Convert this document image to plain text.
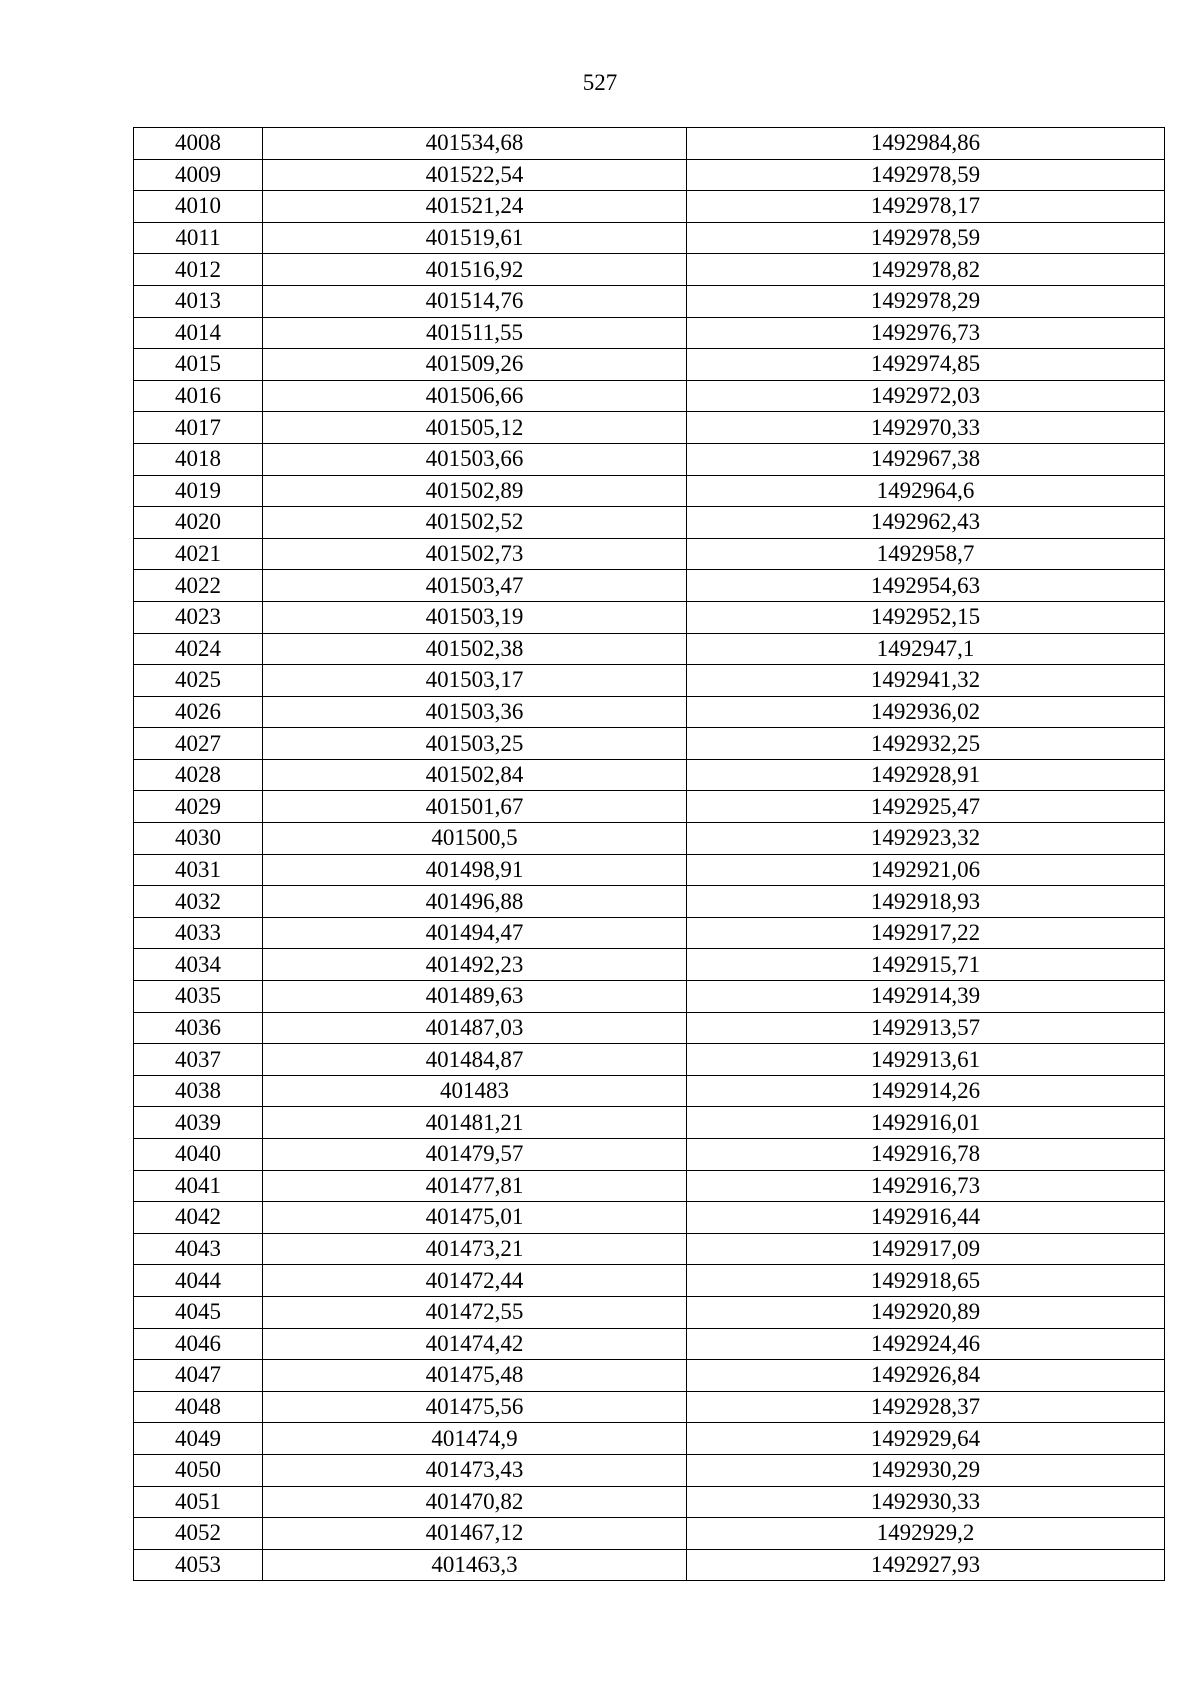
527
4008	401534,68	1492984,86
4009	401522,54	1492978,59
4010	401521,24	1492978,17
4011	401519,61	1492978,59
4012	401516,92	1492978,82
4013	401514,76	1492978,29
4014	401511,55	1492976,73
4015	401509,26	1492974,85
4016	401506,66	1492972,03
4017	401505,12	1492970,33
4018	401503,66	1492967,38
4019	401502,89	1492964,6
4020	401502,52	1492962,43
4021	401502,73	1492958,7
4022	401503,47	1492954,63
4023	401503,19	1492952,15
4024	401502,38	1492947,1
4025	401503,17	1492941,32
4026	401503,36	1492936,02
4027	401503,25	1492932,25
4028	401502,84	1492928,91
4029	401501,67	1492925,47
4030	401500,5	1492923,32
4031	401498,91	1492921,06
4032	401496,88	1492918,93
4033	401494,47	1492917,22
4034	401492,23	1492915,71
4035	401489,63	1492914,39
4036	401487,03	1492913,57
4037	401484,87	1492913,61
4038	401483	1492914,26
4039	401481,21	1492916,01
4040	401479,57	1492916,78
4041	401477,81	1492916,73
4042	401475,01	1492916,44
4043	401473,21	1492917,09
4044	401472,44	1492918,65
4045	401472,55	1492920,89
4046	401474,42	1492924,46
4047	401475,48	1492926,84
4048	401475,56	1492928,37
4049	401474,9	1492929,64
4050	401473,43	1492930,29
4051	401470,82	1492930,33
4052	401467,12	1492929,2
4053	401463,3	1492927,93
